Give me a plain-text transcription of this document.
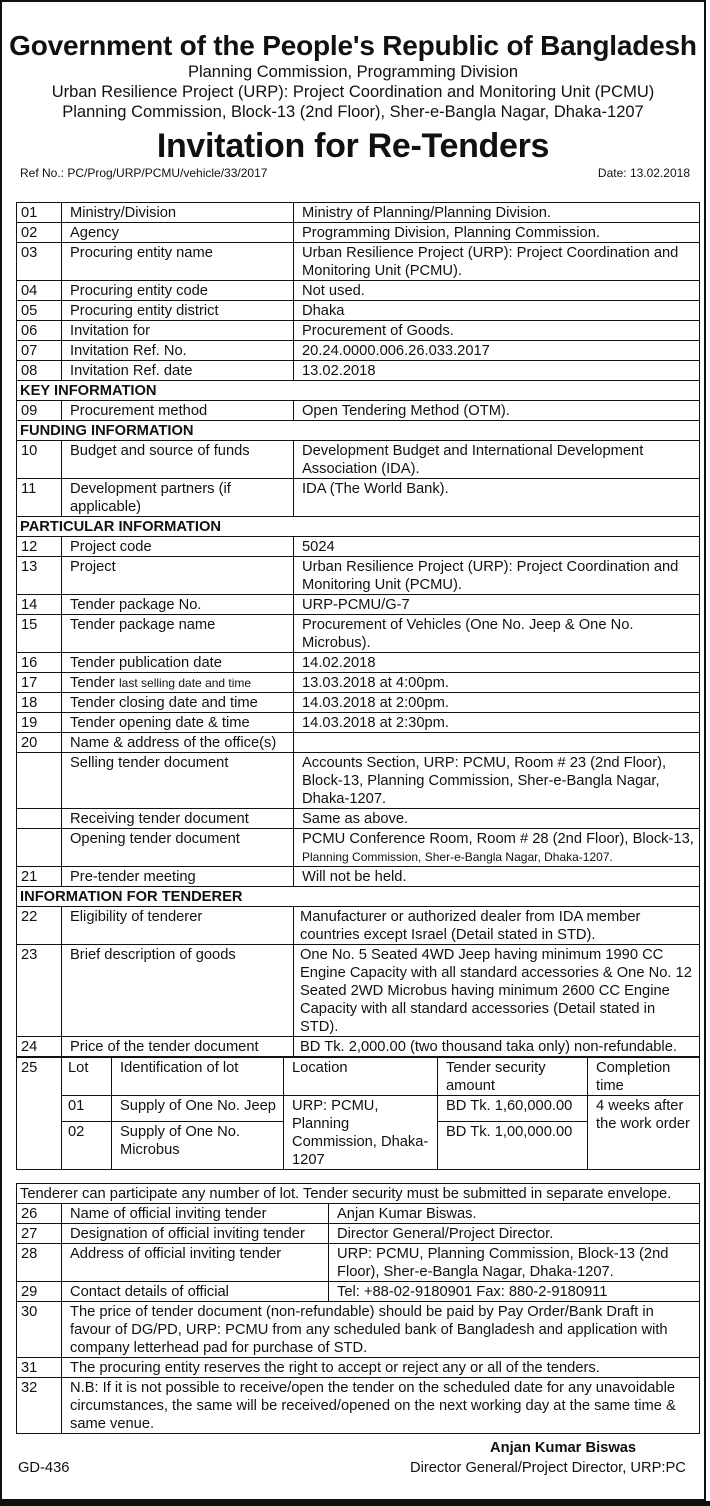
Government of the People's Republic of Bangladesh
Planning Commission, Programming Division
Urban Resilience Project (URP): Project Coordination and Monitoring Unit (PCMU)
Planning Commission, Block-13 (2nd Floor), Sher-e-Bangla Nagar, Dhaka-1207
Invitation for Re-Tenders
Ref No.: PC/Prog/URP/PCMU/vehicle/33/2017	Date: 13.02.2018
01	Ministry/Division	Ministry of Planning/Planning Division.
02	Agency	Programming Division, Planning Commission.
03	Procuring entity name	Urban Resilience Project (URP): Project Coordination and Monitoring Unit (PCMU).
04	Procuring entity code	Not used.
05	Procuring entity district	Dhaka
06	Invitation for	Procurement of Goods.
07	Invitation Ref. No.	20.24.0000.006.26.033.2017
08	Invitation Ref. date	13.02.2018
KEY INFORMATION		
09	Procurement method	Open Tendering Method (OTM).
FUNDING INFORMATION		
10	Budget and source of funds	Development Budget and International Development Association (IDA).
11	Development partners (if applicable)	IDA (The World Bank).
PARTICULAR INFORMATION		
12	Project code	5024
13	Project	Urban Resilience Project (URP): Project Coordination and Monitoring Unit (PCMU).
14	Tender package No.	URP-PCMU/G-7
15	Tender package name	Procurement of Vehicles (One No. Jeep & One No. Microbus).
16	Tender publication date	14.02.2018
17	Tender last selling date and time	13.03.2018 at 4:00pm.
18	Tender closing date and time	14.03.2018 at 2:00pm.
19	Tender opening date & time	14.03.2018 at 2:30pm.
20	Name & address of the office(s)	
	Selling tender document	Accounts Section, URP: PCMU, Room # 23 (2nd Floor), Block-13, Planning Commission, Sher-e-Bangla Nagar, Dhaka-1207.
	Receiving tender document	Same as above.
	Opening tender document	PCMU Conference Room, Room # 28 (2nd Floor), Block-13,
Planning Commission, Sher-e-Bangla Nagar, Dhaka-1207.
21	Pre-tender meeting	Will not be held.
INFORMATION FOR TENDERER		
22	Eligibility of tenderer	Manufacturer or authorized dealer from IDA member countries except Israel (Detail stated in STD).
23	Brief description of goods	One No. 5 Seated 4WD Jeep having minimum 1990 CC Engine Capacity with all standard accessories & One No. 12 Seated 2WD Microbus having minimum 2600 CC Engine Capacity with all standard accessories (Detail stated in STD).
24	Price of the tender document	BD Tk. 2,000.00 (two thousand taka only) non-refundable.
25	Lot	Identification of lot	Location	Tender security amount	Completion time
	01	Supply of One No. Jeep	URP: PCMU, Planning Commission, Dhaka-1207	BD Tk. 1,60,000.00	4 weeks after the work order
	02	Supply of One No. Microbus		BD Tk. 1,00,000.00	
Tenderer can participate any number of lot. Tender security must be submitted in separate envelope.		
26	Name of official inviting tender	Anjan Kumar Biswas.
27	Designation of official inviting tender	Director General/Project Director.
28	Address of official inviting tender	URP: PCMU, Planning Commission, Block-13 (2nd Floor), Sher-e-Bangla Nagar, Dhaka-1207.
29	Contact details of official	Tel: +88-02-9180901 Fax: 880-2-9180911
30	The price of tender document (non-refundable) should be paid by Pay Order/Bank Draft in favour of DG/PD, URP: PCMU from any scheduled bank of Bangladesh and application with company letterhead pad for purchase of STD.	
31	The procuring entity reserves the right to accept or reject any or all of the tenders.	
32	N.B: If it is not possible to receive/open the tender on the scheduled date for any unavoidable circumstances, the same will be received/opened on the next working day at the same time & same venue.	
Anjan Kumar Biswas
GD-436	Director General/Project Director, URP:PC
